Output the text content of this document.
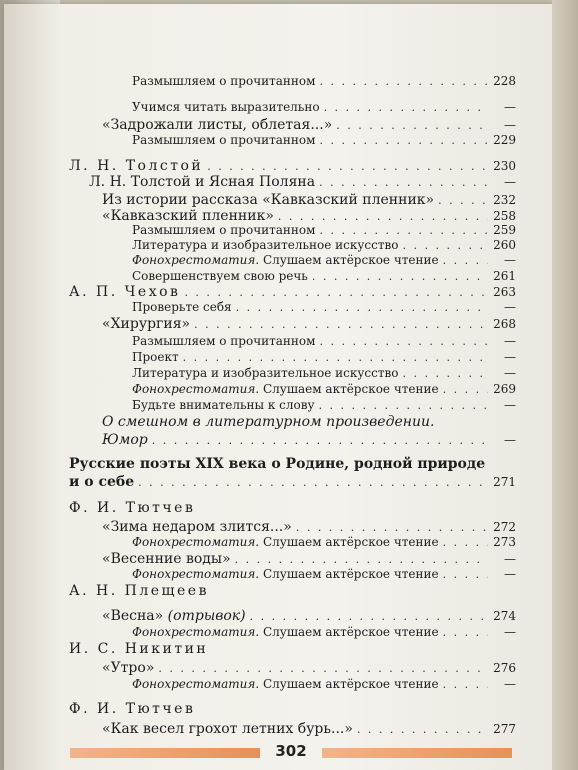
Размышляем о прочитанном . . .	228
Учимся читать выразительно . . .	—
«Задрожали листы, облетая...» . . .	—
Размышляем о прочитанном . . .	229
Л. Н. Толстой . . .	230
Л. Н. Толстой и Ясная Поляна . . .	—
Из истории рассказа «Кавказский пленник» . . .	232
«Кавказский пленник» . . .	258
Размышляем о прочитанном . . .	259
Литература и изобразительное искусство . . .	260
Фонохрестоматия. Слушаем актёрское чтение . . .	—
Совершенствуем свою речь . . .	261
А. П. Чехов . . .	263
Проверьте себя . . .	—
«Хирургия» . . .	268
Размышляем о прочитанном . . .	—
Проект . . .	—
Литература и изобразительное искусство . . .	—
Фонохрестоматия. Слушаем актёрское чтение . . .	269
Будьте внимательны к слову . . .	—
О смешном в литературном произведении.
Юмор . . .	—
Русские поэты XIX века о Родине, родной природе
и о себе . . .	271
Ф. И. Тютчев
«Зима недаром злится...» . . .	272
Фонохрестоматия. Слушаем актёрское чтение . . .	273
«Весенние воды» . . .	—
Фонохрестоматия. Слушаем актёрское чтение . . .	—
А. Н. Плещеев
«Весна» (отрывок) . . .	274
Фонохрестоматия. Слушаем актёрское чтение . . .	—
И. С. Никитин
«Утро» . . .	276
Фонохрестоматия. Слушаем актёрское чтение . . .	—
Ф. И. Тютчев
«Как весел грохот летних бурь...» . . .	277
302
